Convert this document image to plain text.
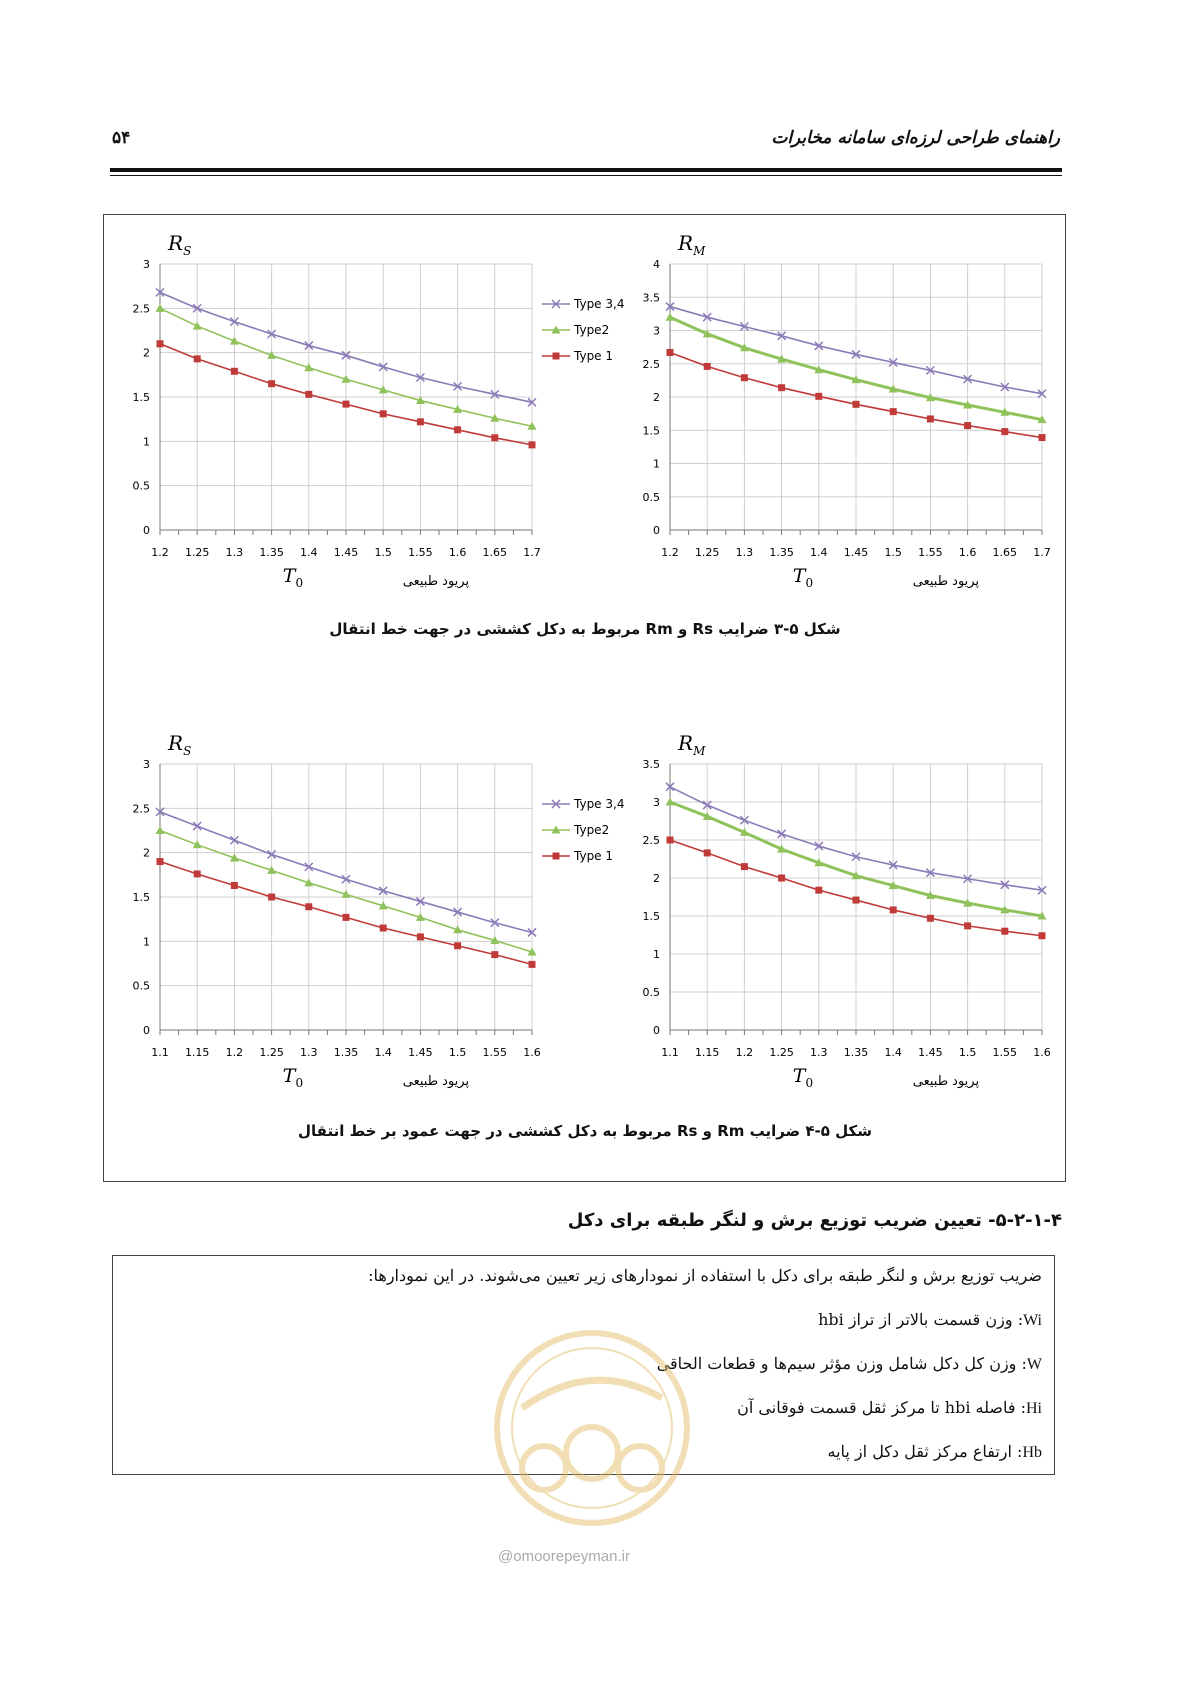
راهنمای طراحی لرزه‌ای سامانه مخابرات
۵۴
0
0.5
1
1.5
2
2.5
3
1.2 1.25 1.3 1.35 1.4 1.45 1.5 1.55 1.6 1.65 1.7
$R_S$
$T_0$	پریود طبیعی
Type 3,4
Type2
Type 1
0
0.5
1
1.5
2
2.5
3
3.5
4
1.2 1.25 1.3 1.35 1.4 1.45 1.5 1.55 1.6 1.65 1.7
$R_M$
$T_0$	پریود طبیعی
شکل ۵-۳ ضرایب Rs و Rm مربوط به دکل کششی در جهت خط انتقال
0
0.5
1
1.5
2
2.5
3
1.1 1.15 1.2 1.25 1.3 1.35 1.4 1.45 1.5 1.55 1.6
$R_S$
$T_0$	پریود طبیعی
Type 3,4
Type2
Type 1
0
0.5
1
1.5
2
2.5
3
3.5
1.1 1.15 1.2 1.25 1.3 1.35 1.4 1.45 1.5 1.55 1.6
$R_M$
$T_0$	پریود طبیعی
شکل ۵-۴ ضرایب Rm و Rs مربوط به دکل کششی در جهت عمود بر خط انتقال
۵-۲-۱-۴- تعیین ضریب توزیع برش و لنگر طبقه برای دکل
ضریب توزیع برش و لنگر طبقه برای دکل با استفاده از نمودارهای زیر تعیین می‌شوند. در این نمودارها:
Wi: وزن قسمت بالاتر از تراز hbi
W: وزن کل دکل شامل وزن مؤثر سیم‌ها و قطعات الحاقی
Hi: فاصله hbi تا مرکز ثقل قسمت فوقانی آن
Hb: ارتفاع مرکز ثقل دکل از پایه
@omoorepeyman.ir
